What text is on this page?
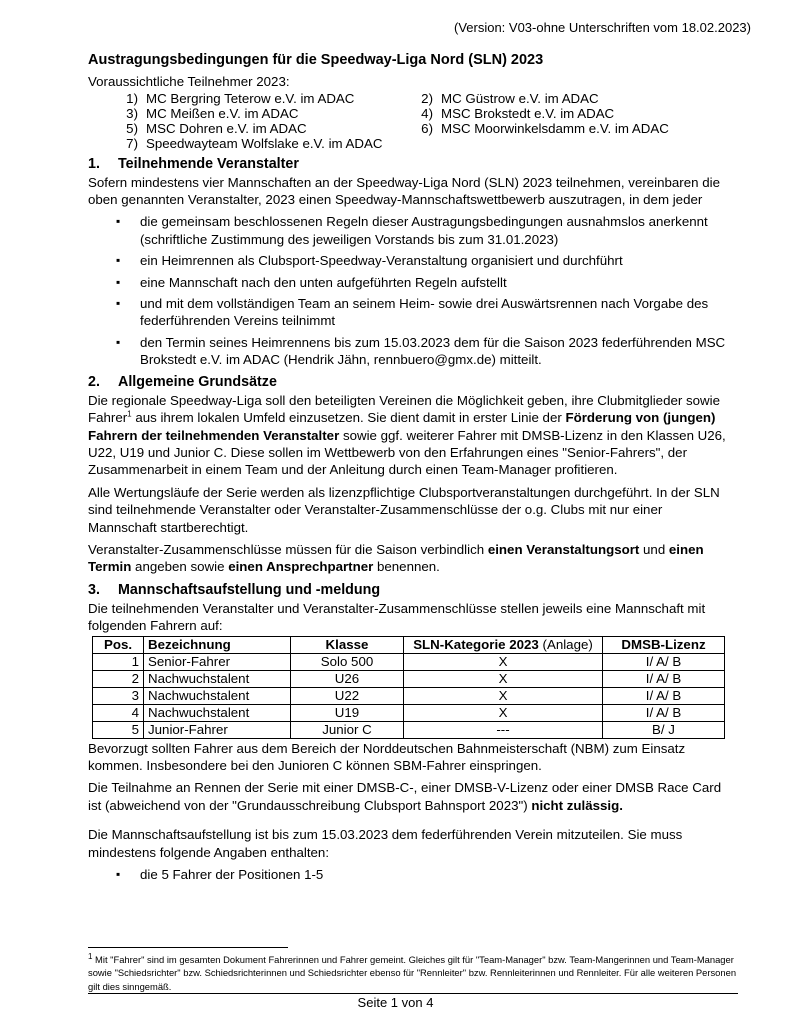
(Version: V03-ohne Unterschriften vom 18.02.2023)
Austragungsbedingungen für die Speedway-Liga Nord (SLN) 2023

Voraussichtliche Teilnehmer 2023:

1) MC Bergring Teterow e.V. im ADAC	2) MC Güstrow e.V. im ADAC
3) MC Meißen e.V. im ADAC	4) MSC Brokstedt e.V. im ADAC
5) MSC Dohren e.V. im ADAC	6) MSC Moorwinkelsdamm e.V. im ADAC
7) Speedwayteam Wolfslake e.V. im ADAC
1. Teilnehmende Veranstalter

Sofern mindestens vier Mannschaften an der Speedway-Liga Nord (SLN) 2023 teilnehmen, vereinbaren die oben genannten Veranstalter, 2023 einen Speedway-Mannschaftswettbewerb auszutragen, in dem jeder

▪ die gemeinsam beschlossenen Regeln dieser Austragungsbedingungen ausnahmslos anerkennt (schriftliche Zustimmung des jeweiligen Vorstands bis zum 31.01.2023)
▪ ein Heimrennen als Clubsport-Speedway-Veranstaltung organisiert und durchführt
▪ eine Mannschaft nach den unten aufgeführten Regeln aufstellt
▪ und mit dem vollständigen Team an seinem Heim- sowie drei Auswärtsrennen nach Vorgabe des federführenden Vereins teilnimmt
▪ den Termin seines Heimrennens bis zum 15.03.2023 dem für die Saison 2023 federführenden MSC Brokstedt e.V. im ADAC (Hendrik Jähn, rennbuero@gmx.de) mitteilt.
2. Allgemeine Grundsätze

Die regionale Speedway-Liga soll den beteiligten Vereinen die Möglichkeit geben, ihre Clubmitglieder sowie Fahrer$^1$ aus ihrem lokalen Umfeld einzusetzen. Sie dient damit in erster Linie der Förderung von (jungen) Fahrern der teilnehmenden Veranstalter sowie ggf. weiterer Fahrer mit DMSB-Lizenz in den Klassen U26, U22, U19 und Junior C. Diese sollen im Wettbewerb von den Erfahrungen eines "Senior-Fahrers", der Zusammenarbeit in einem Team und der Anleitung durch einen Team-Manager profitieren.

Alle Wertungsläufe der Serie werden als lizenzpflichtige Clubsportveranstaltungen durchgeführt. In der SLN sind teilnehmende Veranstalter oder Veranstalter-Zusammenschlüsse der o.g. Clubs mit nur einer Mannschaft startberechtigt.

Veranstalter-Zusammenschlüsse müssen für die Saison verbindlich einen Veranstaltungsort und einen Termin angeben sowie einen Ansprechpartner benennen.

3. Mannschaftsaufstellung und -meldung

Die teilnehmenden Veranstalter und Veranstalter-Zusammenschlüsse stellen jeweils eine Mannschaft mit folgenden Fahrern auf:

Pos.	Bezeichnung	Klasse	SLN-Kategorie 2023 (Anlage)	DMSB-Lizenz
1	Senior-Fahrer	Solo 500	X	I/ A/ B
2	Nachwuchstalent	U26	X	I/ A/ B
3	Nachwuchstalent	U22	X	I/ A/ B
4	Nachwuchstalent	U19	X	I/ A/ B
5	Junior-Fahrer	Junior C	---	B/ J

Bevorzugt sollten Fahrer aus dem Bereich der Norddeutschen Bahnmeisterschaft (NBM) zum Einsatz kommen. Insbesondere bei den Junioren C können SBM-Fahrer einspringen.

Die Teilnahme an Rennen der Serie mit einer DMSB-C-, einer DMSB-V-Lizenz oder einer DMSB Race Card ist (abweichend von der "Grundausschreibung Clubsport Bahnsport 2023") nicht zulässig.

Die Mannschaftsaufstellung ist bis zum 15.03.2023 dem federführenden Verein mitzuteilen. Sie muss mindestens folgende Angaben enthalten:

▪ die 5 Fahrer der Positionen 1-5
$^1$ Mit "Fahrer" sind im gesamten Dokument Fahrerinnen und Fahrer gemeint. Gleiches gilt für "Team-Manager" bzw. Team-Mangerinnen und Team-Manager sowie "Schiedsrichter" bzw. Schiedsrichterinnen und Schiedsrichter ebenso für "Rennleiter" bzw. Rennleiterinnen und Rennleiter. Für alle weiteren Personen gilt dies sinngemäß.
Seite 1 von 4
